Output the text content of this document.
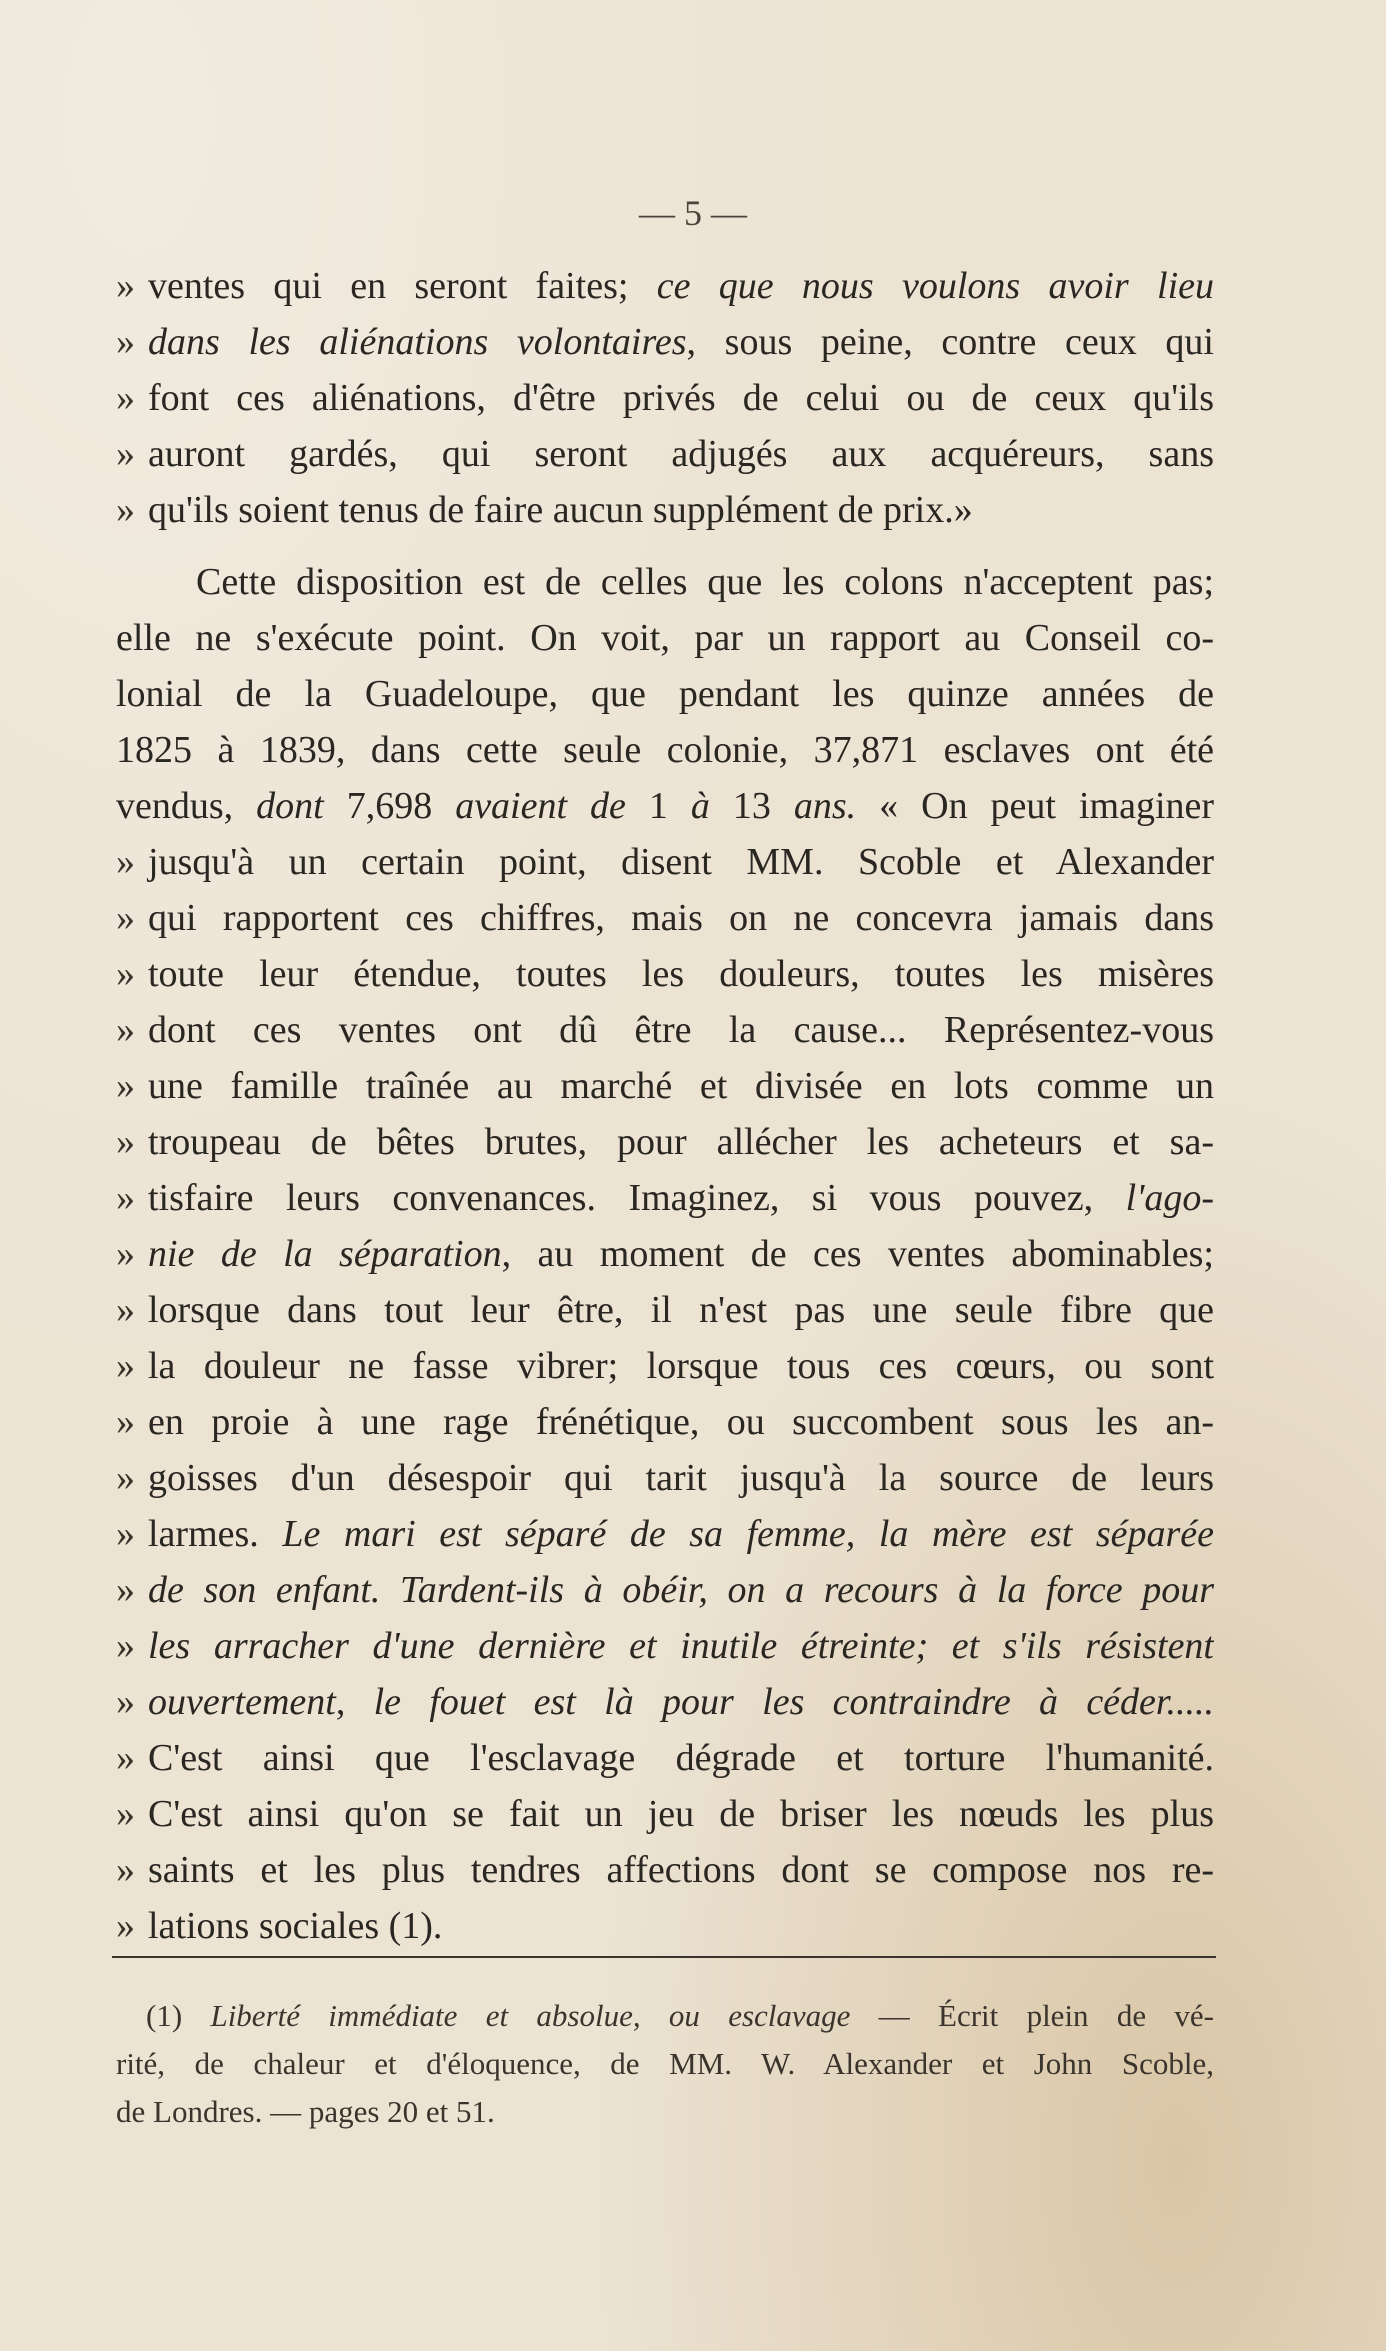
— 5 —
» ventes qui en seront faites; ce que nous voulons avoir lieu
» dans les aliénations volontaires, sous peine, contre ceux qui
» font ces aliénations, d'être privés de celui ou de ceux qu'ils
» auront gardés, qui seront adjugés aux acquéreurs, sans
» qu'ils soient tenus de faire aucun supplément de prix.»
Cette disposition est de celles que les colons n'acceptent pas;
elle ne s'exécute point. On voit, par un rapport au Conseil co-
lonial de la Guadeloupe, que pendant les quinze années de
1825 à 1839, dans cette seule colonie, 37,871 esclaves ont été
vendus, dont 7,698 avaient de 1 à 13 ans. « On peut imaginer
» jusqu'à un certain point, disent MM. Scoble et Alexander
» qui rapportent ces chiffres, mais on ne concevra jamais dans
» toute leur étendue, toutes les douleurs, toutes les misères
» dont ces ventes ont dû être la cause... Représentez-vous
» une famille traînée au marché et divisée en lots comme un
» troupeau de bêtes brutes, pour allécher les acheteurs et sa-
» tisfaire leurs convenances. Imaginez, si vous pouvez, l'ago-
» nie de la séparation, au moment de ces ventes abominables;
» lorsque dans tout leur être, il n'est pas une seule fibre que
» la douleur ne fasse vibrer; lorsque tous ces cœurs, ou sont
» en proie à une rage frénétique, ou succombent sous les an-
» goisses d'un désespoir qui tarit jusqu'à la source de leurs
» larmes. Le mari est séparé de sa femme, la mère est séparée
» de son enfant. Tardent-ils à obéir, on a recours à la force pour
» les arracher d'une dernière et inutile étreinte; et s'ils résistent
» ouvertement, le fouet est là pour les contraindre à céder.....
» C'est ainsi que l'esclavage dégrade et torture l'humanité.
» C'est ainsi qu'on se fait un jeu de briser les nœuds les plus
» saints et les plus tendres affections dont se compose nos re-
» lations sociales (1).
(1) Liberté immédiate et absolue, ou esclavage — Écrit plein de vé-
rité, de chaleur et d'éloquence, de MM. W. Alexander et John Scoble,
de Londres. — pages 20 et 51.
